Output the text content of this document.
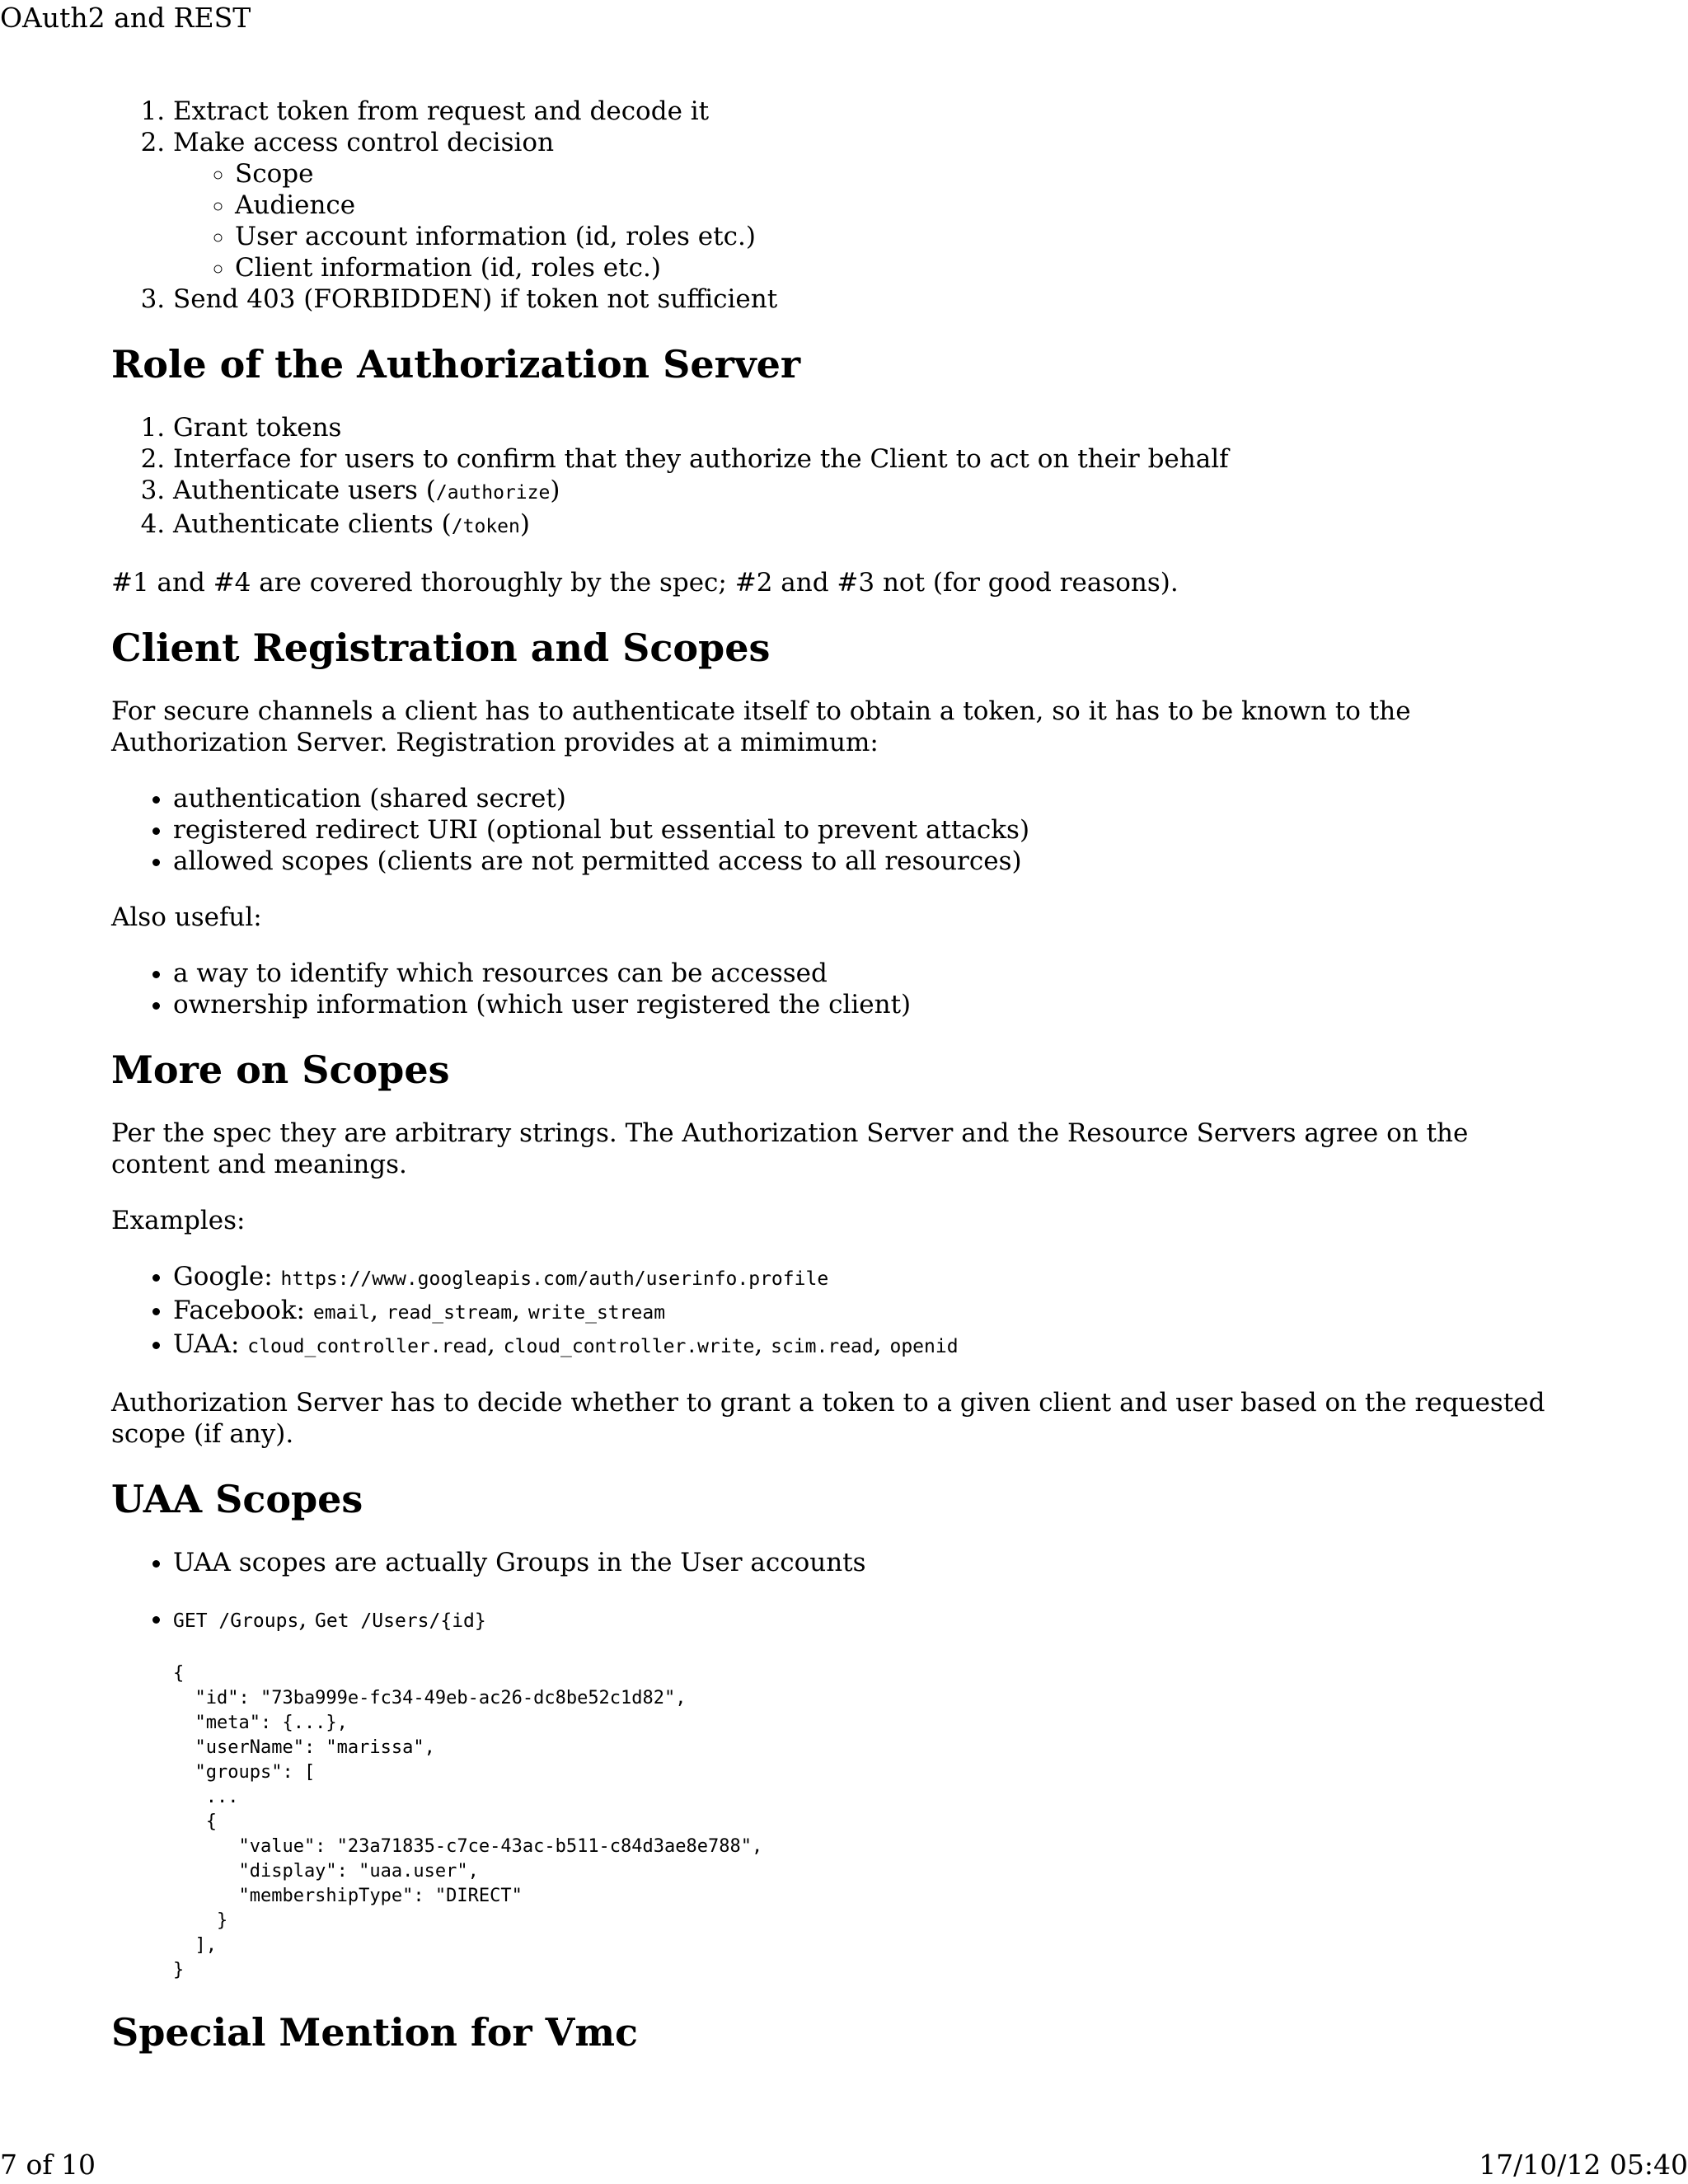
OAuth2 and REST
1. Extract token from request and decode it
2. Make access control decision
◦ Scope
◦ Audience
◦ User account information (id, roles etc.)
◦ Client information (id, roles etc.)
3. Send 403 (FORBIDDEN) if token not sufficient
Role of the Authorization Server
1. Grant tokens
2. Interface for users to confirm that they authorize the Client to act on their behalf
3. Authenticate users (/authorize)
4. Authenticate clients (/token)

#1 and #4 are covered thoroughly by the spec; #2 and #3 not (for good reasons).

Client Registration and Scopes

For secure channels a client has to authenticate itself to obtain a token, so it has to be known to the Authorization Server. Registration provides at a mimimum:

• authentication (shared secret)
• registered redirect URI (optional but essential to prevent attacks)
• allowed scopes (clients are not permitted access to all resources)

Also useful:

• a way to identify which resources can be accessed
• ownership information (which user registered the client)
More on Scopes

Per the spec they are arbitrary strings. The Authorization Server and the Resource Servers agree on the content and meanings.

Examples:

• Google: https://www.googleapis.com/auth/userinfo.profile
• Facebook: email, read_stream, write_stream
• UAA: cloud_controller.read, cloud_controller.write, scim.read, openid

Authorization Server has to decide whether to grant a token to a given client and user based on the requested scope (if any).

UAA Scopes
• UAA scopes are actually Groups in the User accounts
• GET /Groups, Get /Users/{id}
{
"id": "73ba999e-fc34-49eb-ac26-dc8be52c1d82",
"meta": {...},
"userName": "marissa",
"groups": [
...
{
"value": "23a71835-c7ce-43ac-b511-c84d3ae8e788",
"display": "uaa.user",
"membershipType": "DIRECT"
}
],
}
Special Mention for Vmc
7 of 10	17/10/12 05:40
